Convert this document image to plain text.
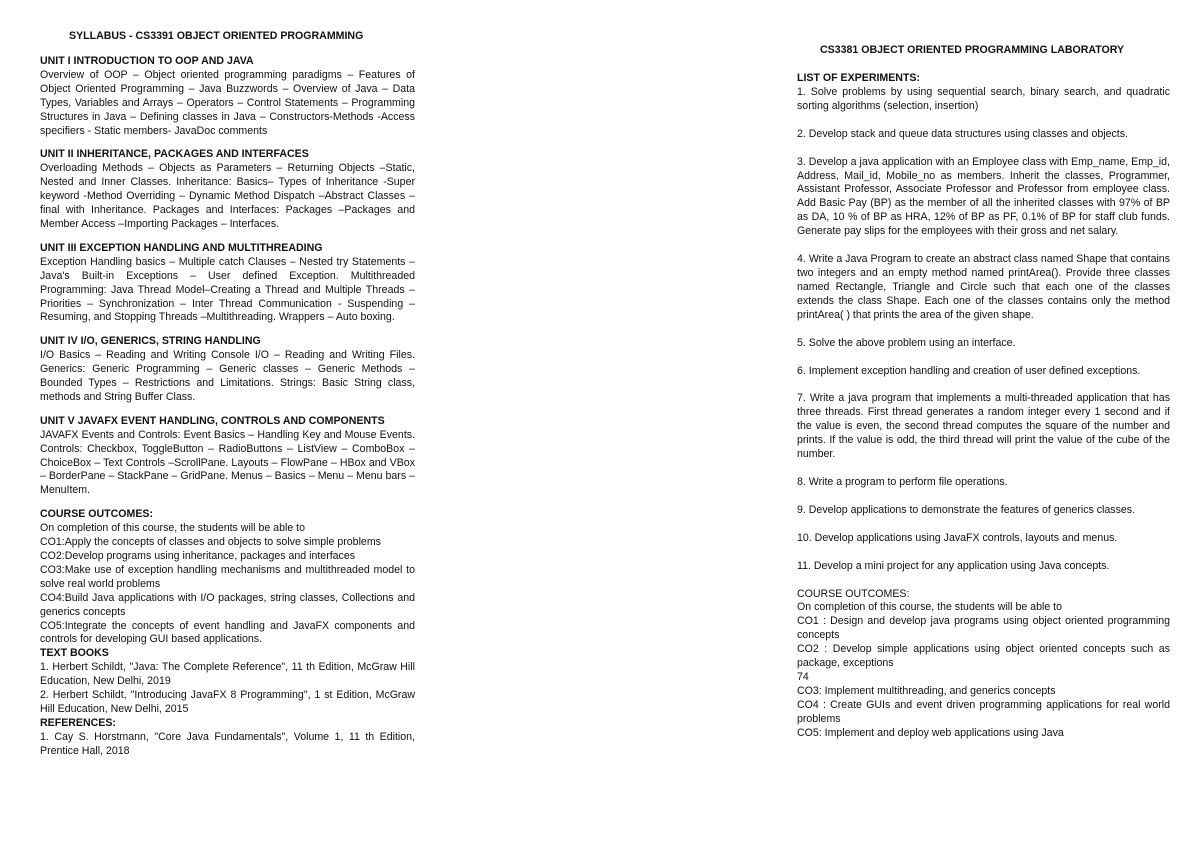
SYLLABUS - CS3391 OBJECT ORIENTED PROGRAMMING
UNIT I INTRODUCTION TO OOP AND JAVA
Overview of OOP – Object oriented programming paradigms – Features of Object Oriented Programming – Java Buzzwords – Overview of Java – Data Types, Variables and Arrays – Operators – Control Statements – Programming Structures in Java – Defining classes in Java – Constructors-Methods -Access specifiers - Static members- JavaDoc comments
UNIT II INHERITANCE, PACKAGES AND INTERFACES
Overloading Methods – Objects as Parameters – Returning Objects –Static, Nested and Inner Classes. Inheritance: Basics– Types of Inheritance -Super keyword -Method Overriding – Dynamic Method Dispatch –Abstract Classes – final with Inheritance. Packages and Interfaces: Packages –Packages and Member Access –Importing Packages – Interfaces.
UNIT III EXCEPTION HANDLING AND MULTITHREADING
Exception Handling basics – Multiple catch Clauses – Nested try Statements – Java's Built-in Exceptions – User defined Exception. Multithreaded Programming: Java Thread Model–Creating a Thread and Multiple Threads – Priorities – Synchronization – Inter Thread Communication - Suspending –Resuming, and Stopping Threads –Multithreading. Wrappers – Auto boxing.
UNIT IV I/O, GENERICS, STRING HANDLING
I/O Basics – Reading and Writing Console I/O – Reading and Writing Files. Generics: Generic Programming – Generic classes – Generic Methods – Bounded Types – Restrictions and Limitations. Strings: Basic String class, methods and String Buffer Class.
UNIT V JAVAFX EVENT HANDLING, CONTROLS AND COMPONENTS
JAVAFX Events and Controls: Event Basics – Handling Key and Mouse Events. Controls: Checkbox, ToggleButton – RadioButtons – ListView – ComboBox – ChoiceBox – Text Controls –ScrollPane. Layouts – FlowPane – HBox and VBox – BorderPane – StackPane – GridPane. Menus – Basics – Menu – Menu bars – MenuItem.
COURSE OUTCOMES:
On completion of this course, the students will be able to
CO1:Apply the concepts of classes and objects to solve simple problems
CO2:Develop programs using inheritance, packages and interfaces
CO3:Make use of exception handling mechanisms and multithreaded model to solve real world problems
CO4:Build Java applications with I/O packages, string classes, Collections and generics concepts
CO5:Integrate the concepts of event handling and JavaFX components and controls for developing GUI based applications.
TEXT BOOKS
1. Herbert Schildt, "Java: The Complete Reference", 11 th Edition, McGraw Hill Education, New Delhi, 2019
2. Herbert Schildt, "Introducing JavaFX 8 Programming", 1 st Edition, McGraw Hill Education, New Delhi, 2015
REFERENCES:
1. Cay S. Horstmann, "Core Java Fundamentals", Volume 1, 11 th Edition, Prentice Hall, 2018
CS3381 OBJECT ORIENTED PROGRAMMING LABORATORY
LIST OF EXPERIMENTS:
1. Solve problems by using sequential search, binary search, and quadratic sorting algorithms (selection, insertion)
2. Develop stack and queue data structures using classes and objects.
3. Develop a java application with an Employee class with Emp_name, Emp_id, Address, Mail_id, Mobile_no as members. Inherit the classes, Programmer, Assistant Professor, Associate Professor and Professor from employee class. Add Basic Pay (BP) as the member of all the inherited classes with 97% of BP as DA, 10 % of BP as HRA, 12% of BP as PF, 0.1% of BP for staff club funds. Generate pay slips for the employees with their gross and net salary.
4. Write a Java Program to create an abstract class named Shape that contains two integers and an empty method named printArea(). Provide three classes named Rectangle, Triangle and Circle such that each one of the classes extends the class Shape. Each one of the classes contains only the method printArea( ) that prints the area of the given shape.
5. Solve the above problem using an interface.
6. Implement exception handling and creation of user defined exceptions.
7. Write a java program that implements a multi-threaded application that has three threads. First thread generates a random integer every 1 second and if the value is even, the second thread computes the square of the number and prints. If the value is odd, the third thread will print the value of the cube of the number.
8. Write a program to perform file operations.
9. Develop applications to demonstrate the features of generics classes.
10. Develop applications using JavaFX controls, layouts and menus.
11. Develop a mini project for any application using Java concepts.
COURSE OUTCOMES:
On completion of this course, the students will be able to
CO1 : Design and develop java programs using object oriented programming concepts
CO2 : Develop simple applications using object oriented concepts such as package, exceptions
74
CO3: Implement multithreading, and generics concepts
CO4 : Create GUIs and event driven programming applications for real world problems
CO5: Implement and deploy web applications using Java
